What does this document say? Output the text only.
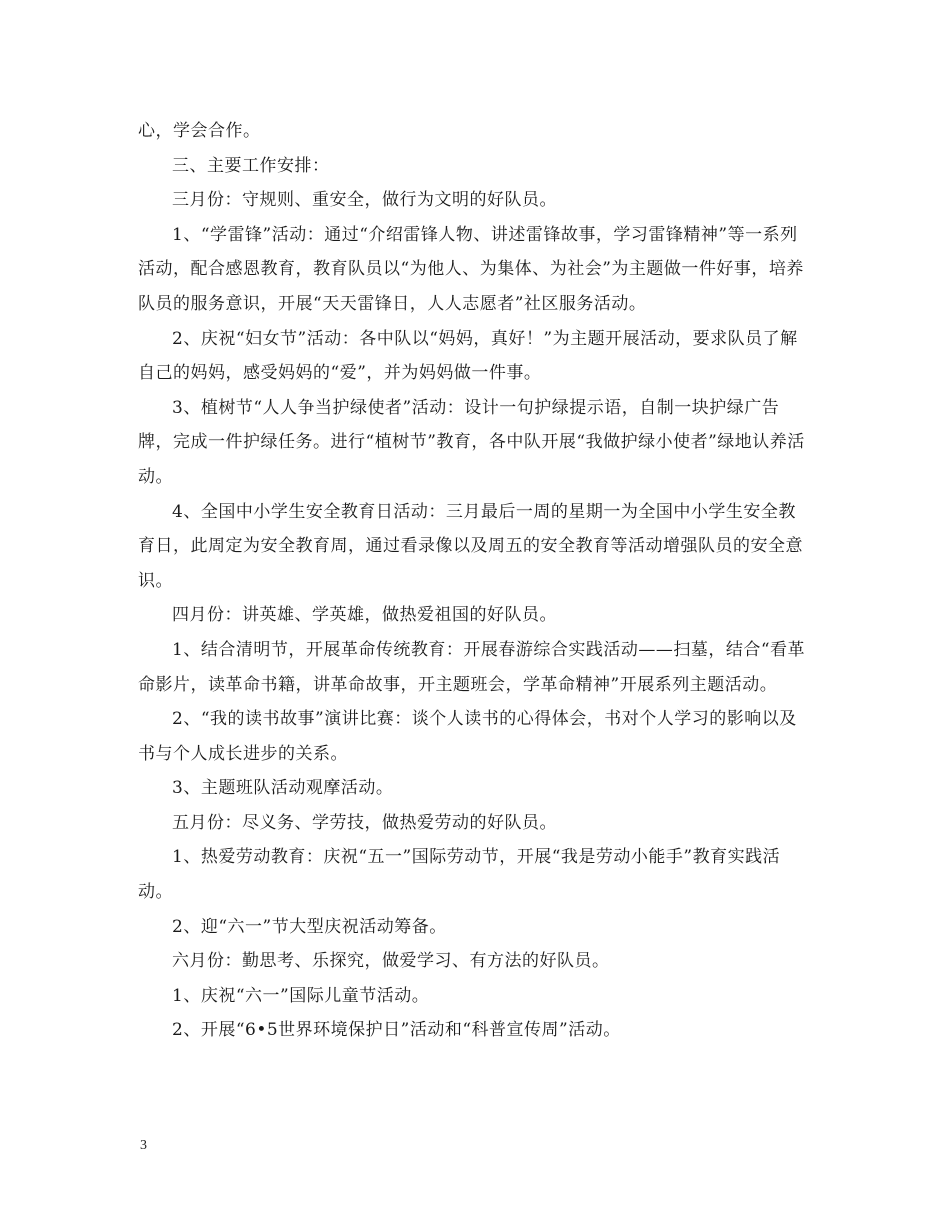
心，学会合作。

三、主要工作安排：

三月份：守规则、重安全，做行为文明的好队员。

1、“学雷锋”活动：通过“介绍雷锋人物、讲述雷锋故事，学习雷锋精神”等一系列活动，配合感恩教育，教育队员以“为他人、为集体、为社会”为主题做一件好事，培养队员的服务意识，开展“天天雷锋日，人人志愿者”社区服务活动。

2、庆祝“妇女节”活动：各中队以“妈妈，真好！”为主题开展活动，要求队员了解自己的妈妈，感受妈妈的“爱”，并为妈妈做一件事。

3、植树节“人人争当护绿使者”活动：设计一句护绿提示语，自制一块护绿广告牌，完成一件护绿任务。进行“植树节”教育，各中队开展“我做护绿小使者”绿地认养活动。

4、全国中小学生安全教育日活动：三月最后一周的星期一为全国中小学生安全教育日，此周定为安全教育周，通过看录像以及周五的安全教育等活动增强队员的安全意识。

四月份：讲英雄、学英雄，做热爱祖国的好队员。

1、结合清明节，开展革命传统教育：开展春游综合实践活动——扫墓，结合“看革命影片，读革命书籍，讲革命故事，开主题班会，学革命精神”开展系列主题活动。

2、“我的读书故事”演讲比赛：谈个人读书的心得体会，书对个人学习的影响以及书与个人成长进步的关系。

3、主题班队活动观摩活动。

五月份：尽义务、学劳技，做热爱劳动的好队员。

1、热爱劳动教育：庆祝“五一”国际劳动节，开展“我是劳动小能手”教育实践活动。

2、迎“六一”节大型庆祝活动筹备。

六月份：勤思考、乐探究，做爱学习、有方法的好队员。

1、庆祝“六一”国际儿童节活动。

2、开展“6•5世界环境保护日”活动和“科普宣传周”活动。

3
